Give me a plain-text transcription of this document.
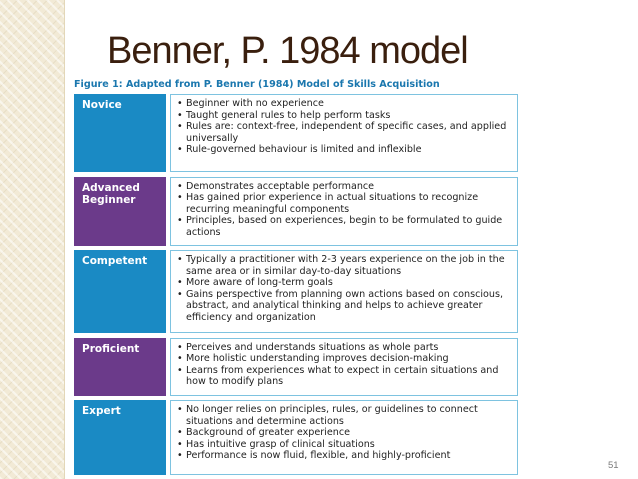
Benner, P. 1984 model

Figure 1: Adapted from P. Benner (1984) Model of Skills Acquisition

Novice	• Beginner with no experience
• Taught general rules to help perform tasks
• Rules are: context-free, independent of specific cases, and applied universally
• Rule-governed behaviour is limited and inflexible
Advanced
Beginner
• Demonstrates acceptable performance
• Has gained prior experience in actual situations to recognize recurring meaningful components
• Principles, based on experiences, begin to be formulated to guide actions
Competent	• Typically a practitioner with 2-3 years experience on the job in the same area or in similar day-to-day situations
• More aware of long-term goals
• Gains perspective from planning own actions based on conscious, abstract, and analytical thinking and helps to achieve greater efficiency and organization
Proficient	• Perceives and understands situations as whole parts
• More holistic understanding improves decision-making
• Learns from experiences what to expect in certain situations and how to modify plans
Expert	• No longer relies on principles, rules, or guidelines to connect situations and determine actions
• Background of greater experience
• Has intuitive grasp of clinical situations
• Performance is now fluid, flexible, and highly-proficient
51
